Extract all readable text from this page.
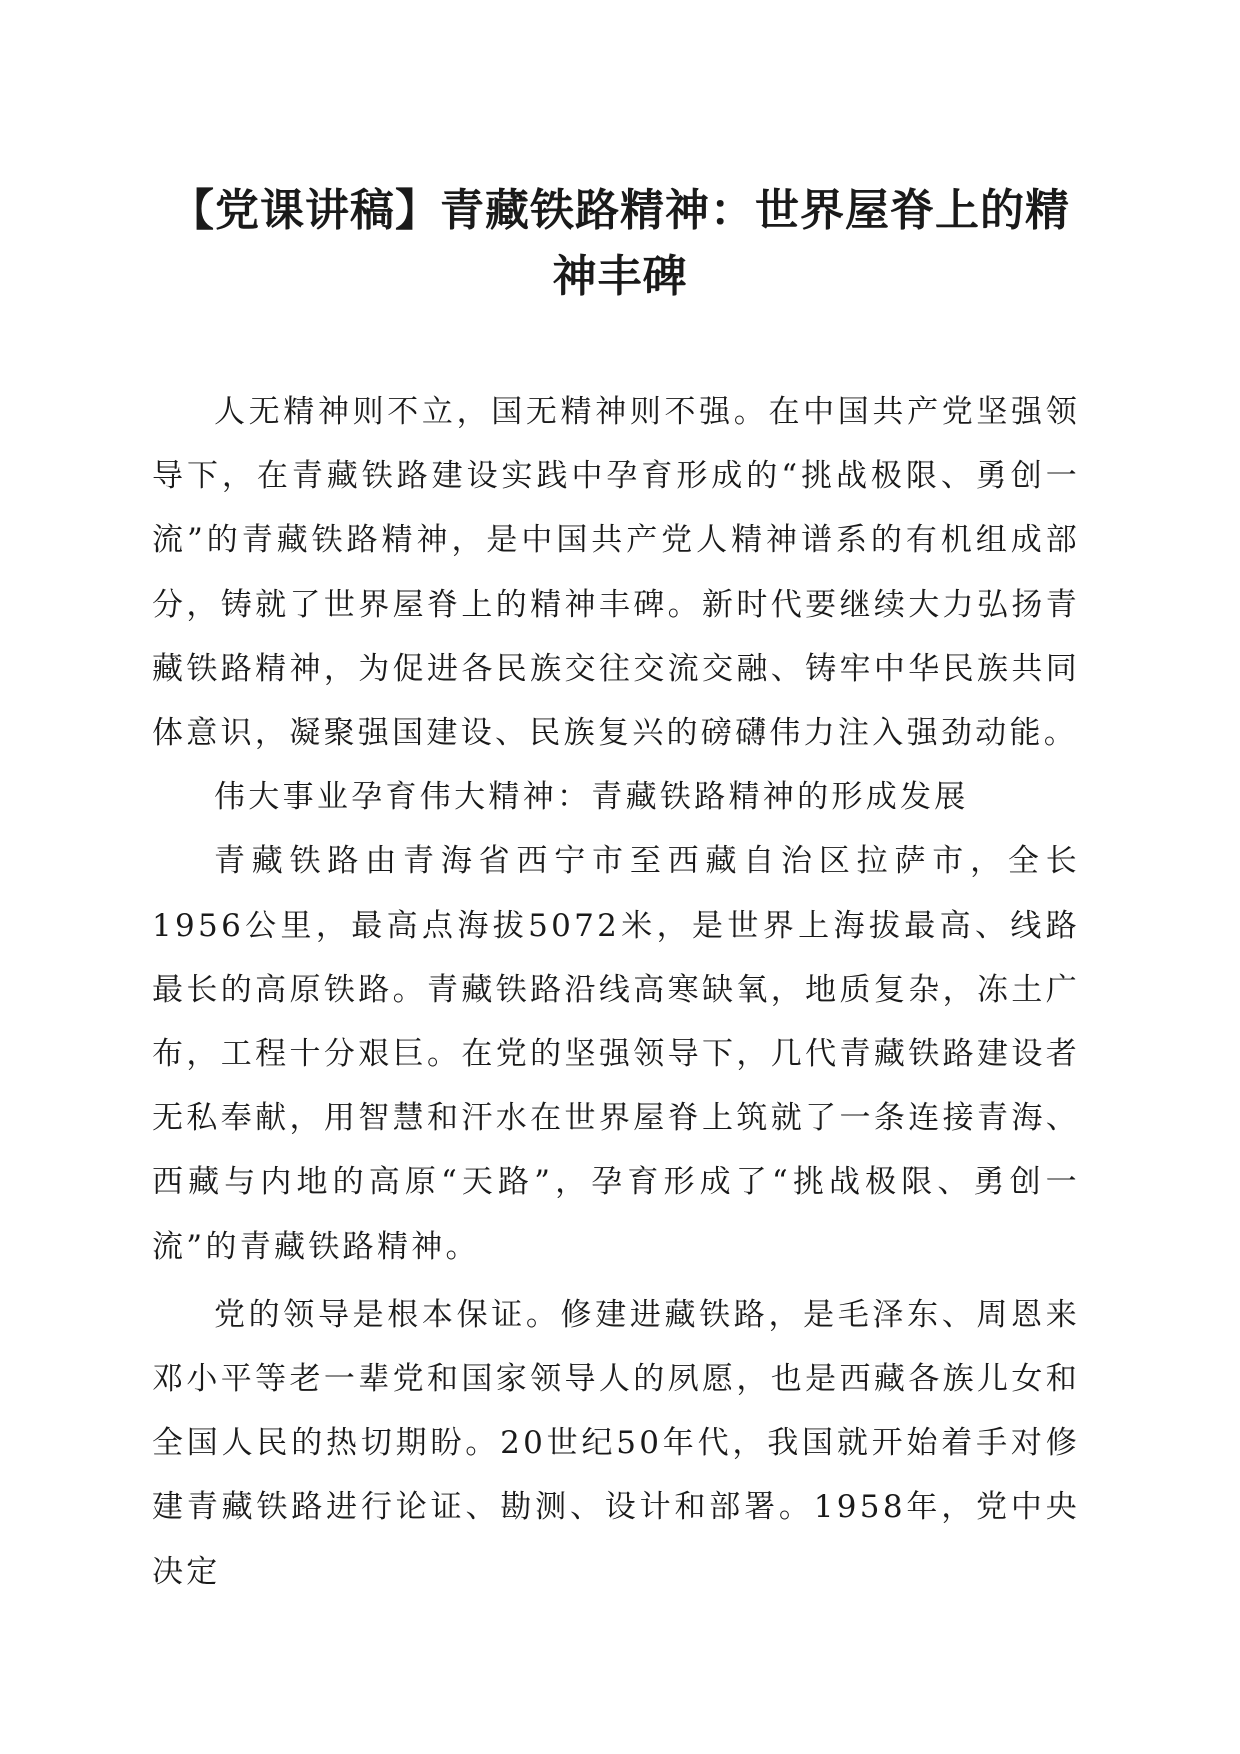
【党课讲稿】青藏铁路精神：世界屋脊上的精神丰碑

人无精神则不立，国无精神则不强。在中国共产党坚强领导下，在青藏铁路建设实践中孕育形成的“挑战极限、勇创一流”的青藏铁路精神，是中国共产党人精神谱系的有机组成部分，铸就了世界屋脊上的精神丰碑。新时代要继续大力弘扬青藏铁路精神，为促进各民族交往交流交融、铸牢中华民族共同体意识，凝聚强国建设、民族复兴的磅礴伟力注入强劲动能。

伟大事业孕育伟大精神：青藏铁路精神的形成发展

青藏铁路由青海省西宁市至西藏自治区拉萨市，全长1956公里，最高点海拔5072米，是世界上海拔最高、线路最长的高原铁路。青藏铁路沿线高寒缺氧，地质复杂，冻土广布，工程十分艰巨。在党的坚强领导下，几代青藏铁路建设者无私奉献，用智慧和汗水在世界屋脊上筑就了一条连接青海、西藏与内地的高原“天路”，孕育形成了“挑战极限、勇创一流”的青藏铁路精神。

党的领导是根本保证。修建进藏铁路，是毛泽东、周恩来邓小平等老一辈党和国家领导人的夙愿，也是西藏各族儿女和全国人民的热切期盼。20世纪50年代，我国就开始着手对修建青藏铁路进行论证、勘测、设计和部署。1958年，党中央决定
